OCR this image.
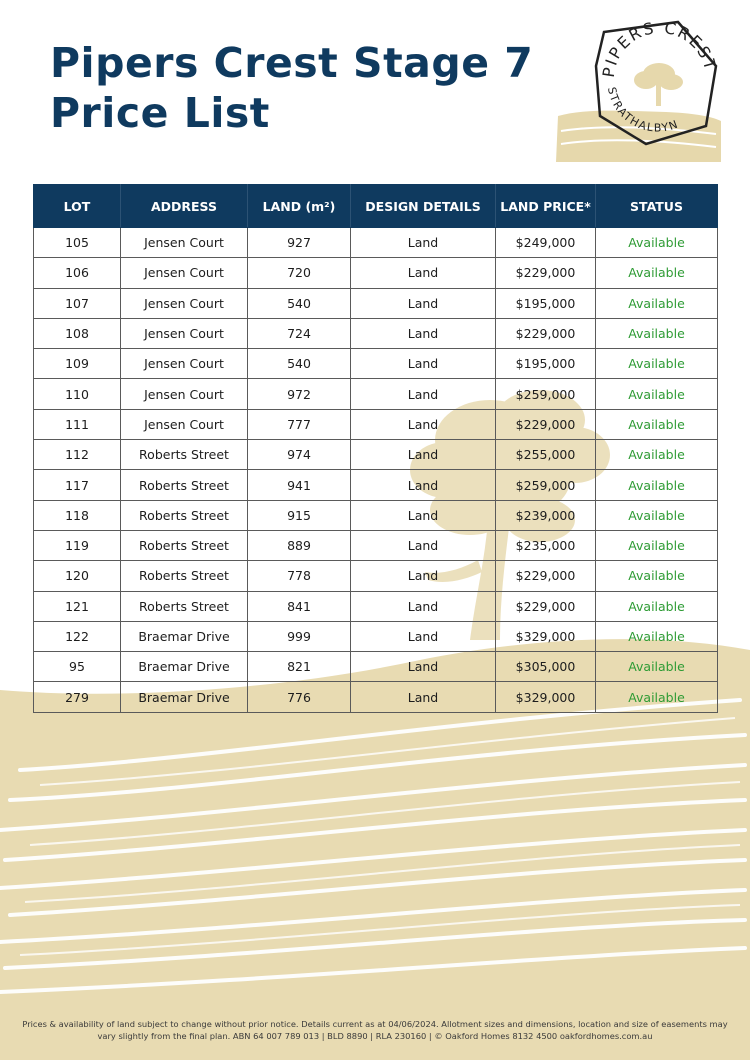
Pipers Crest Stage 7
Price List
PIPERS CREST
STRATHALBYN
LOT	ADDRESS	LAND (m²)	DESIGN DETAILS	LAND PRICE*	STATUS
105	Jensen Court	927	Land	$249,000	Available
106	Jensen Court	720	Land	$229,000	Available
107	Jensen Court	540	Land	$195,000	Available
108	Jensen Court	724	Land	$229,000	Available
109	Jensen Court	540	Land	$195,000	Available
110	Jensen Court	972	Land	$259,000	Available
111	Jensen Court	777	Land	$229,000	Available
112	Roberts Street	974	Land	$255,000	Available
117	Roberts Street	941	Land	$259,000	Available
118	Roberts Street	915	Land	$239,000	Available
119	Roberts Street	889	Land	$235,000	Available
120	Roberts Street	778	Land	$229,000	Available
121	Roberts Street	841	Land	$229,000	Available
122	Braemar Drive	999	Land	$329,000	Available
95	Braemar Drive	821	Land	$305,000	Available
279	Braemar Drive	776	Land	$329,000	Available
Prices & availability of land subject to change without prior notice. Details current as at 04/06/2024. Allotment sizes and dimensions, location and size of easements may
vary slightly from the final plan. ABN 64 007 789 013 | BLD 8890 | RLA 230160 | © Oakford Homes 8132 4500 oakfordhomes.com.au
